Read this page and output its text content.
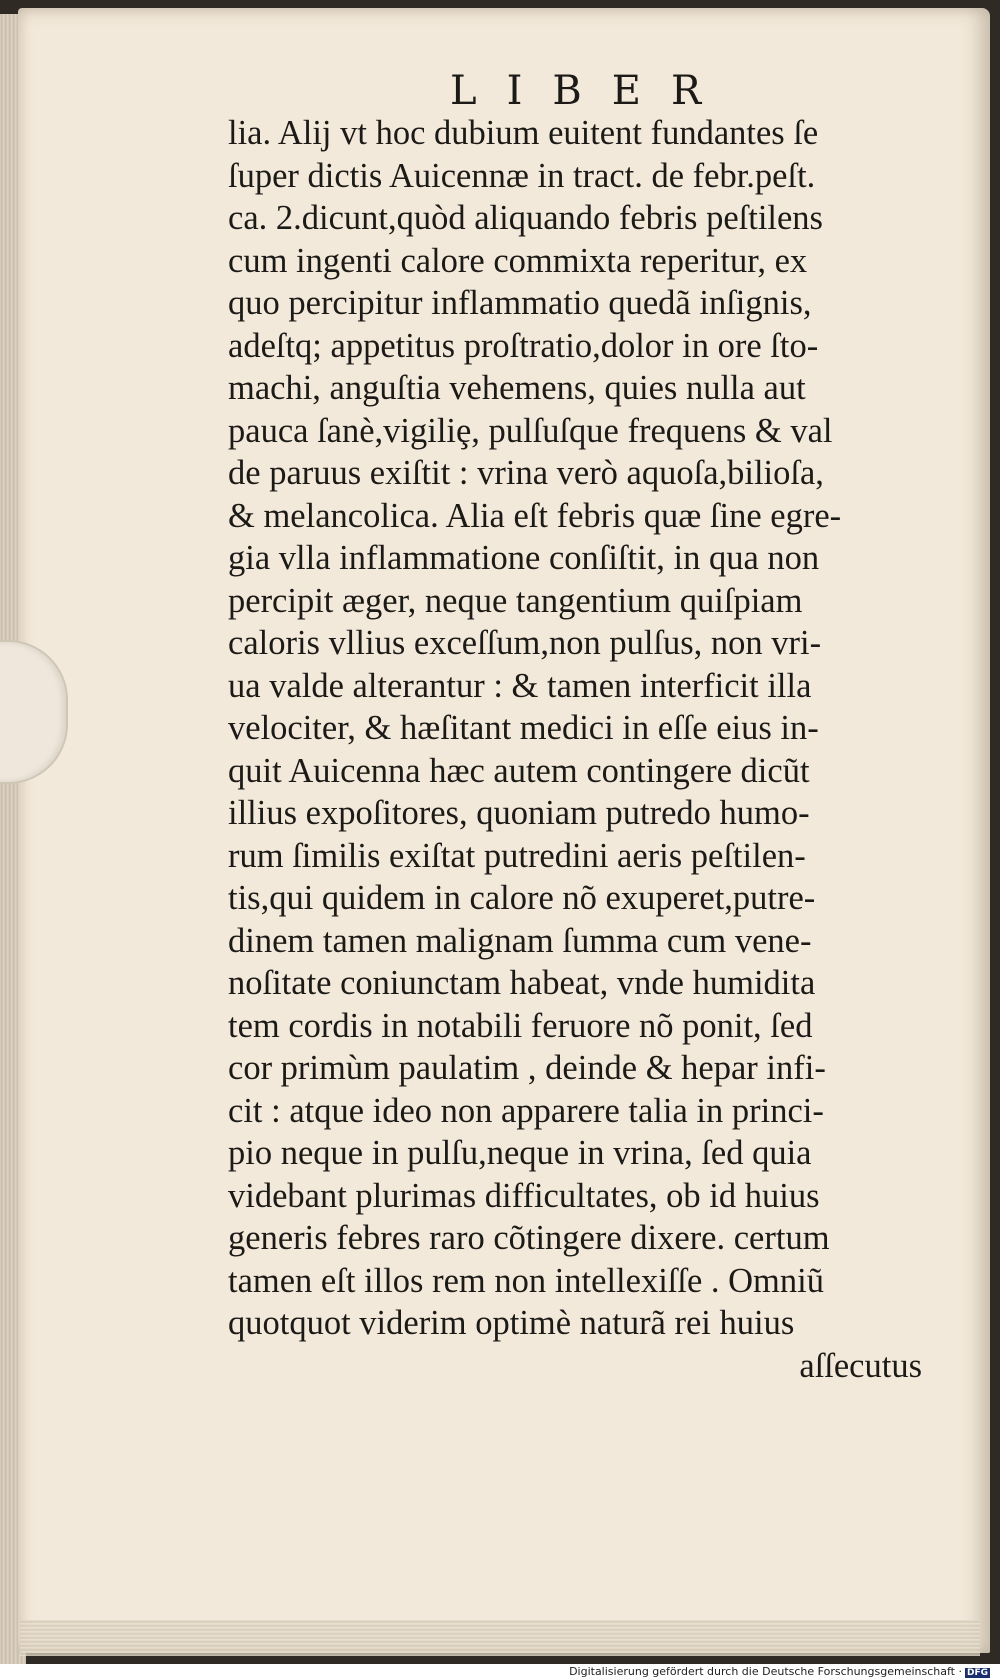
LIBER
lia. Alij vt hoc dubium euitent fundantes ſe
ſuper dictis Auicennæ in tract. de febr.peſt.
ca. 2.dicunt,quòd aliquando febris peſtilens
cum ingenti calore commixta reperitur, ex
quo percipitur inflammatio quedã inſignis,
adeſtq; appetitus proſtratio,dolor in ore ſto-
machi, anguſtia vehemens, quies nulla aut
pauca ſanè,vigiliȩ, pulſuſque frequens & val
de paruus exiſtit : vrina verò aquoſa,bilioſa,
& melancolica. Alia eſt febris quæ ſine egre-
gia vlla inflammatione conſiſtit, in qua non
percipit æger, neque tangentium quiſpiam
caloris vllius exceſſum,non pulſus, non vri-
ua valde alterantur : & tamen interficit illa
velociter, & hæſitant medici in eſſe eius in-
quit Auicenna hæc autem contingere dicũt
illius expoſitores, quoniam putredo humo-
rum ſimilis exiſtat putredini aeris peſtilen-
tis,qui quidem in calore nõ exuperet,putre-
dinem tamen malignam ſumma cum vene-
noſitate coniunctam habeat, vnde humidita
tem cordis in notabili feruore nõ ponit, ſed
cor primùm paulatim , deinde & hepar infi-
cit : atque ideo non apparere talia in princi-
pio neque in pulſu,neque in vrina, ſed quia
videbant plurimas difficultates, ob id huius
generis febres raro cõtingere dixere. certum
tamen eſt illos rem non intellexiſſe . Omniũ
quotquot viderim optimè naturã rei huius
aſſecutus
Digitalisierung gefördert durch die Deutsche Forschungsgemeinschaft · DFG
